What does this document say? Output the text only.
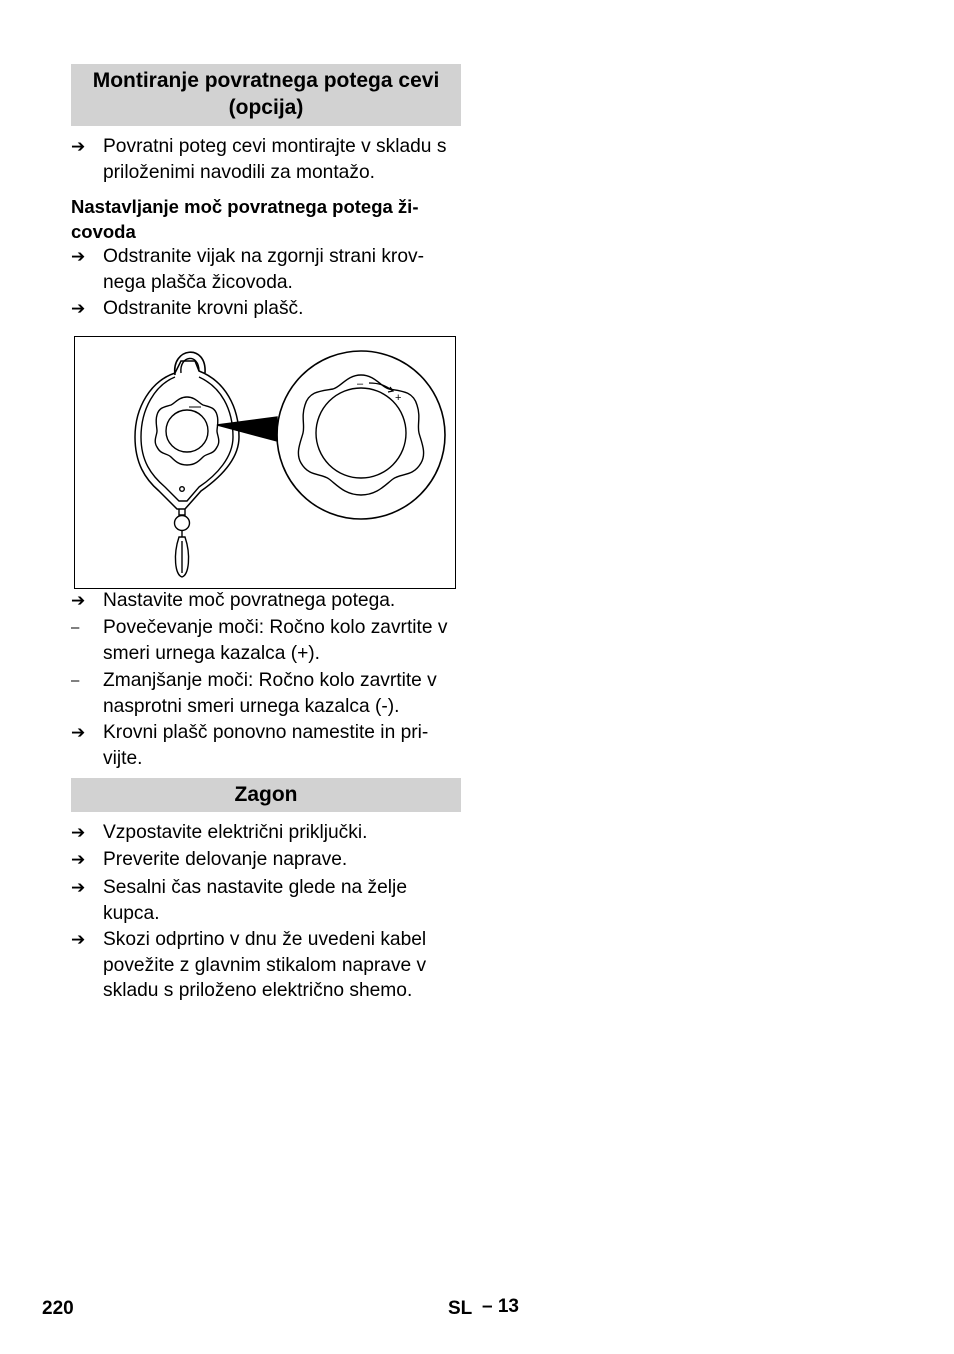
Montiranje povratnega potega cevi
(opcija)
➔ Povratni poteg cevi montirajte v skladu s priloženimi navodili za montažo.
Nastavljanje moč povratnega potega ži-
covoda
➔ Odstranite vijak na zgornji strani krov-nega plašča žicovoda.
➔ Odstranite krovni plašč.
–
+
➔ Nastavite moč povratnega potega.
–	Povečevanje moči: Ročno kolo zavrtite v smeri urnega kazalca (+).
–	Zmanjšanje moči: Ročno kolo zavrtite v nasprotni smeri urnega kazalca (-).
➔ Krovni plašč ponovno namestite in pri-vijte.
Zagon
➔ Vzpostavite električni priključki.
➔ Preverite delovanje naprave.
➔ Sesalni čas nastavite glede na želje kupca.
➔ Skozi odprtino v dnu že uvedeni kabel povežite z glavnim stikalom naprave v skladu s priloženo električno shemo.
220	SL – 13
